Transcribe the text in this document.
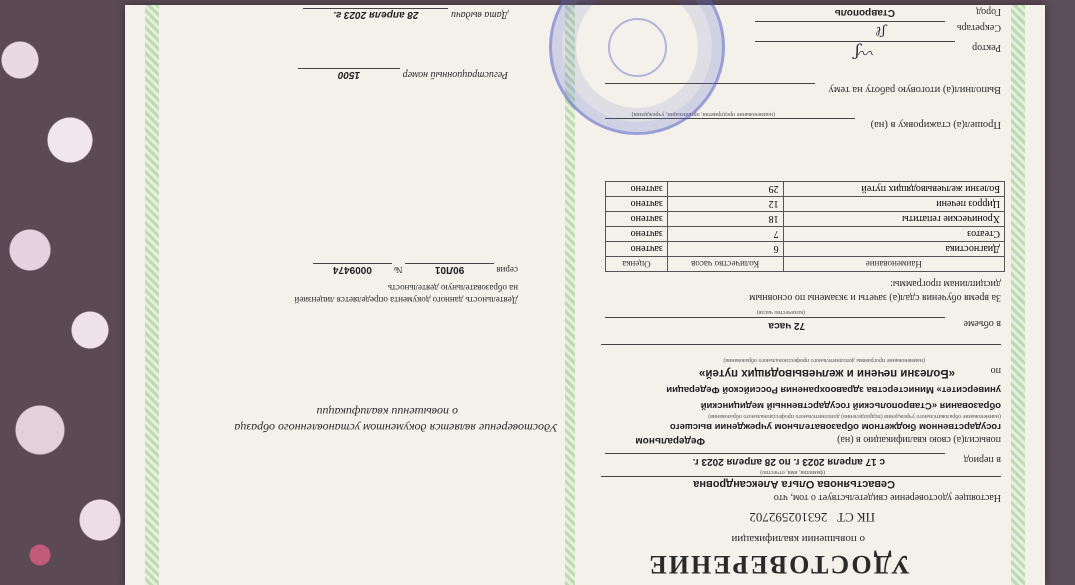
УДОСТОВЕРЕНИЕ
о повышении квалификации
ПК СТ   263102592702
Настоящее удостоверение свидетельствует о том, что
Севастьянова Ольга Александровна
(фамилия, имя, отчество)
в период
с 17 апреля 2023 г. по 28 апреля 2023 г.
повысил(а) свою квалификацию в (на)
Федеральном
государственном бюджетном образовательном учреждении высшего
(наименование образовательного учреждения (подразделения) дополнительного профессионального образования)
образования «Ставропольский государственный медицинский
университет» Министерства здравоохранения Российской Федерации
по
«Болезни печени и желчевыводящих путей»
(наименование программы дополнительного профессионального образования)
в объеме
72 часа
(количество часов)
За время обучения сдал(а) зачеты и экзамены по основным
дисциплинам программы:
Наименование	Количество часов	Оценка
Диагностика	6	зачтено
Стеатоз	7	зачтено
Хронические гепатиты	18	зачтено
Цирроз печени	12	зачтено
Болезни желчевыводящих путей	29	зачтено
Прошел(а) стажировку в (на)
(наименование предприятия, организации, учреждения)
Выполнил(а) итоговую работу на тему
Ректор
〰ʃ
Секретарь
ʃℓ
Город
Ставрополь
Удостоверение является документом установленного образца
о повышении квалификации
Деятельность данного документа определяется лицензией
на образовательную деятельность
серия 90Л01 № 0009474
Регистрационный номер 1500
Дата выдачи 28 апреля 2023 г.
